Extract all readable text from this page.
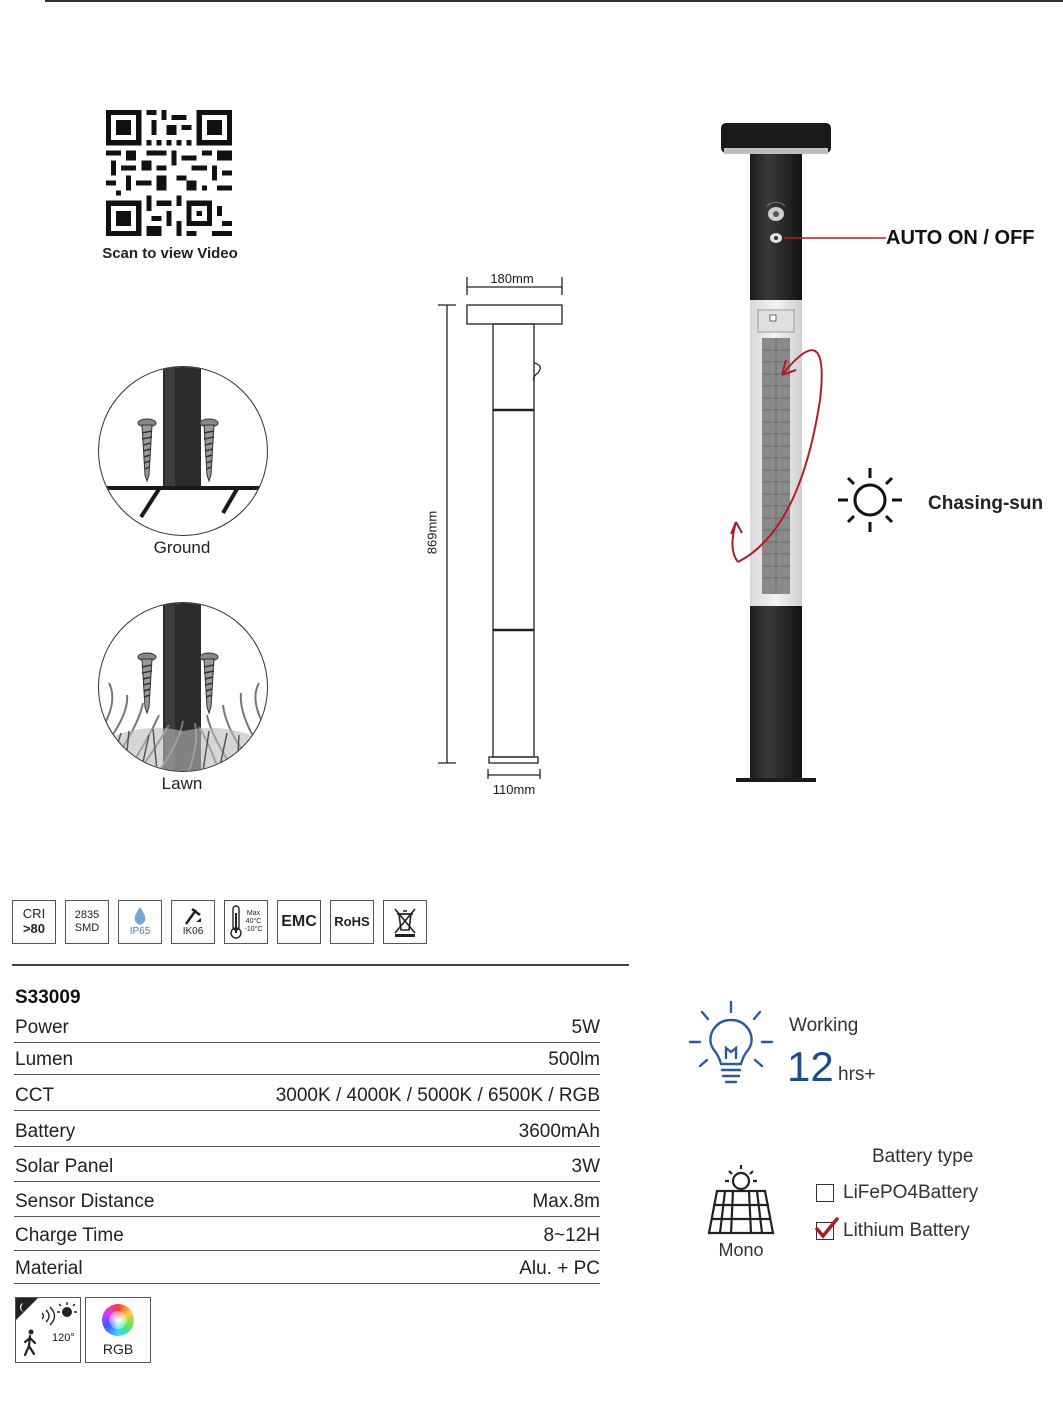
Scan to view Video
Ground
Lawn
180mm
110mm
869mm
AUTO ON / OFF
Chasing-sun
CRI
>80
2835
SMD	IP65	IK06
Max
40°C
-10°C EMC	RoHS
S33009
Power	5W
Lumen	500lm
CCT	3000K / 4000K / 5000K / 6500K / RGB
Battery	3600mAh
Solar Panel	3W
Sensor Distance	Max.8m
Charge Time	8~12H
Material	Alu. + PC
120°
RGB
Working
12 hrs+
Mono
Battery type
LiFePO4Battery
Lithium Battery
